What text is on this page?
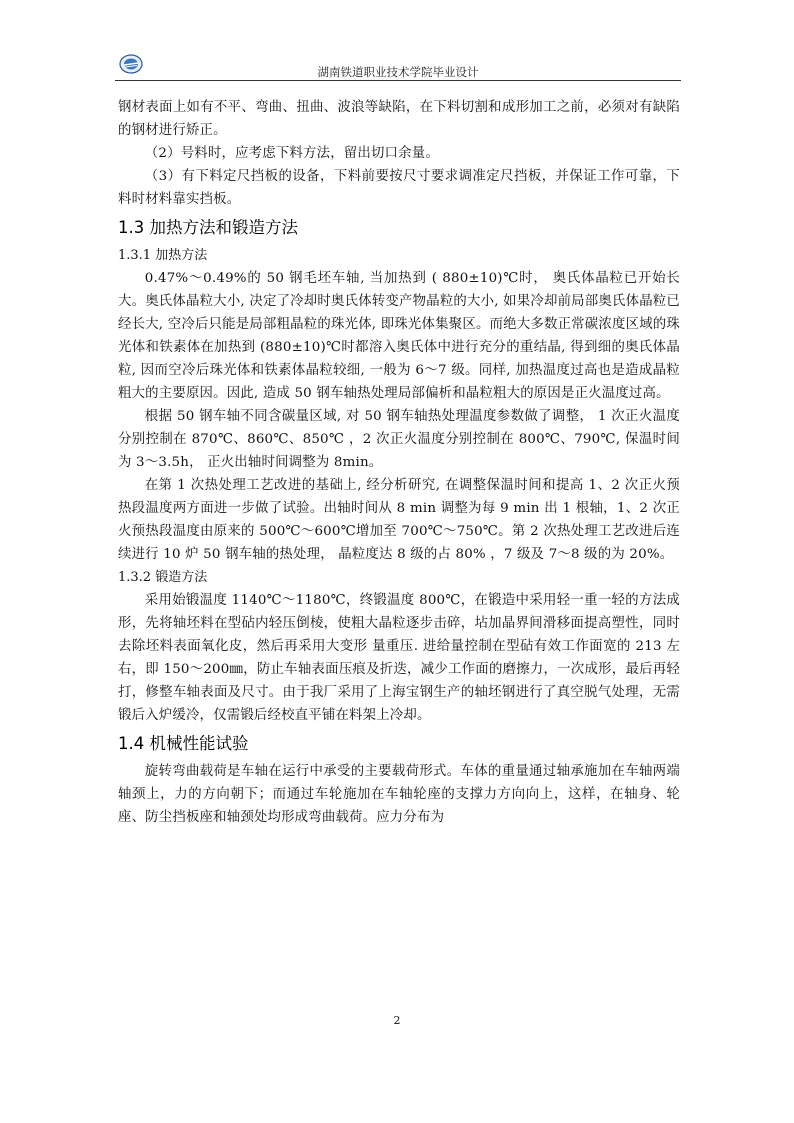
湖南铁道职业技术学院毕业设计

钢材表面上如有不平、弯曲、扭曲、波浪等缺陷，在下料切割和成形加工之前，必须对有缺陷的钢材进行矫正。

（2）号料时，应考虑下料方法，留出切口余量。

（3）有下料定尺挡板的设备，下料前要按尺寸要求调准定尺挡板，并保证工作可靠，下料时材料靠实挡板。

1.3 加热方法和锻造方法
1.3.1 加热方法

0.47%～0.49%的 50 钢毛坯车轴, 当加热到 ( 880±10)℃时， 奥氏体晶粒已开始长大。奥氏体晶粒大小, 决定了冷却时奥氏体转变产物晶粒的大小, 如果冷却前局部奥氏体晶粒已经长大, 空冷后只能是局部粗晶粒的珠光体, 即珠光体集聚区。而绝大多数正常碳浓度区域的珠光体和铁素体在加热到 (880±10)℃时都溶入奥氏体中进行充分的重结晶, 得到细的奥氏体晶粒, 因而空冷后珠光体和铁素体晶粒较细, 一般为 6～7 级。同样, 加热温度过高也是造成晶粒粗大的主要原因。因此, 造成 50 钢车轴热处理局部偏析和晶粒粗大的原因是正火温度过高。

根据 50 钢车轴不同含碳量区域, 对 50 钢车轴热处理温度参数做了调整， 1 次正火温度分别控制在 870℃、860℃、850℃ ，2 次正火温度分别控制在 800℃、790℃, 保温时间为 3～3.5h， 正火出轴时间调整为 8min。

在第 1 次热处理工艺改进的基础上, 经分析研究, 在调整保温时间和提高 1、2 次正火预热段温度两方面进一步做了试验。出轴时间从 8 min 调整为每 9 min 出 1 根轴，1、2 次正火预热段温度由原来的 500℃～600℃增加至 700℃～750℃。第 2 次热处理工艺改进后连续进行 10 炉 50 钢车轴的热处理， 晶粒度达 8 级的占 80% ，7 级及 7～8 级的为 20%。

1.3.2 锻造方法

采用始锻温度 1140℃～1180℃，终锻温度 800℃，在锻造中采用轻一重一轻的方法成形，先将轴坯料在型砧内轻压倒棱，使粗大晶粒逐步击碎，坫加晶界间滑移面提高塑性，同时去除坯料表面氧化皮，然后再采用大变形 量重压. 进给量控制在型砧有效工作面宽的 213 左右，即 150～200㎜，防止车轴表面压痕及折迭，减少工作面的磨擦力，一次成形，最后再轻打，修整车轴表面及尺寸。由于我厂采用了上海宝钢生产的轴坯钢进行了真空脱气处理，无需锻后入炉缓冷，仅需锻后经校直平铺在料架上冷却。

1.4 机械性能试验

旋转弯曲载荷是车轴在运行中承受的主要载荷形式。车体的重量通过轴承施加在车轴两端轴颈上，力的方向朝下；而通过车轮施加在车轴轮座的支撑力方向向上，这样，在轴身、轮座、防尘挡板座和轴颈处均形成弯曲载荷。应力分布为

2
